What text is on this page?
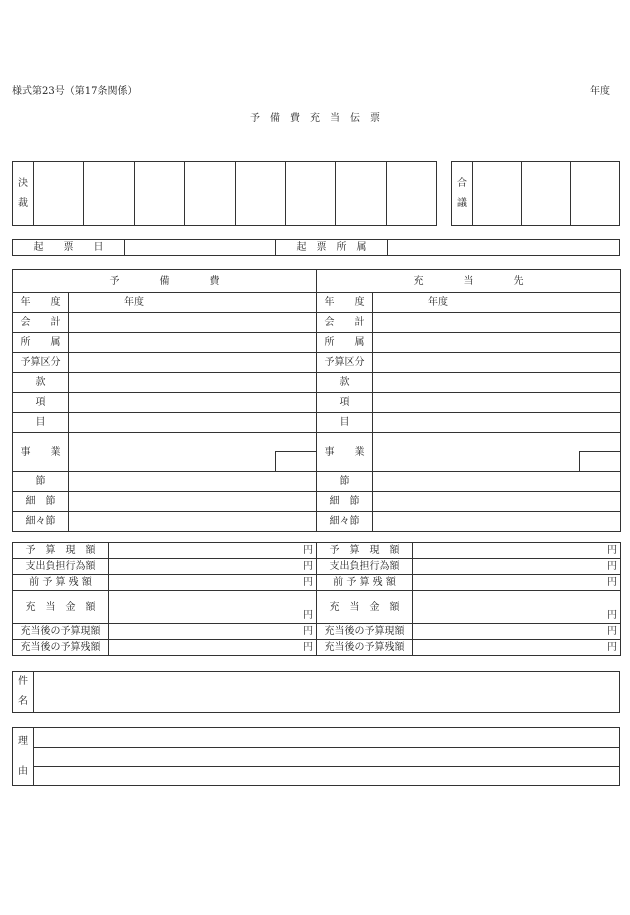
様式第23号（第17条関係）	年度
予　備　費　充　当　伝　票
決

裁

合

議

起　　票　　日		起　票　所　属	
予　　　　備　　　　費		充　　　　当　　　　先	
年　　度	年度	年　　度	年度
会　　計		会　　計	
所　　属		所　　属	
予算区分		予算区分	
款		款	
項		項	
目		目	
事　　業		事　　業	

節		節	
細　節		細　節	
細々節		細々節	
予　算　現　額	円	予　算　現　額	円
支出負担行為額	円	支出負担行為額	円
前 予 算 残 額	円	前 予 算 残 額	円
充　当　金　額	円	充　当　金　額	円
充当後の予算現額	円	充当後の予算現額	円
充当後の予算残額	円	充当後の予算残額	円
件

名

理

由
